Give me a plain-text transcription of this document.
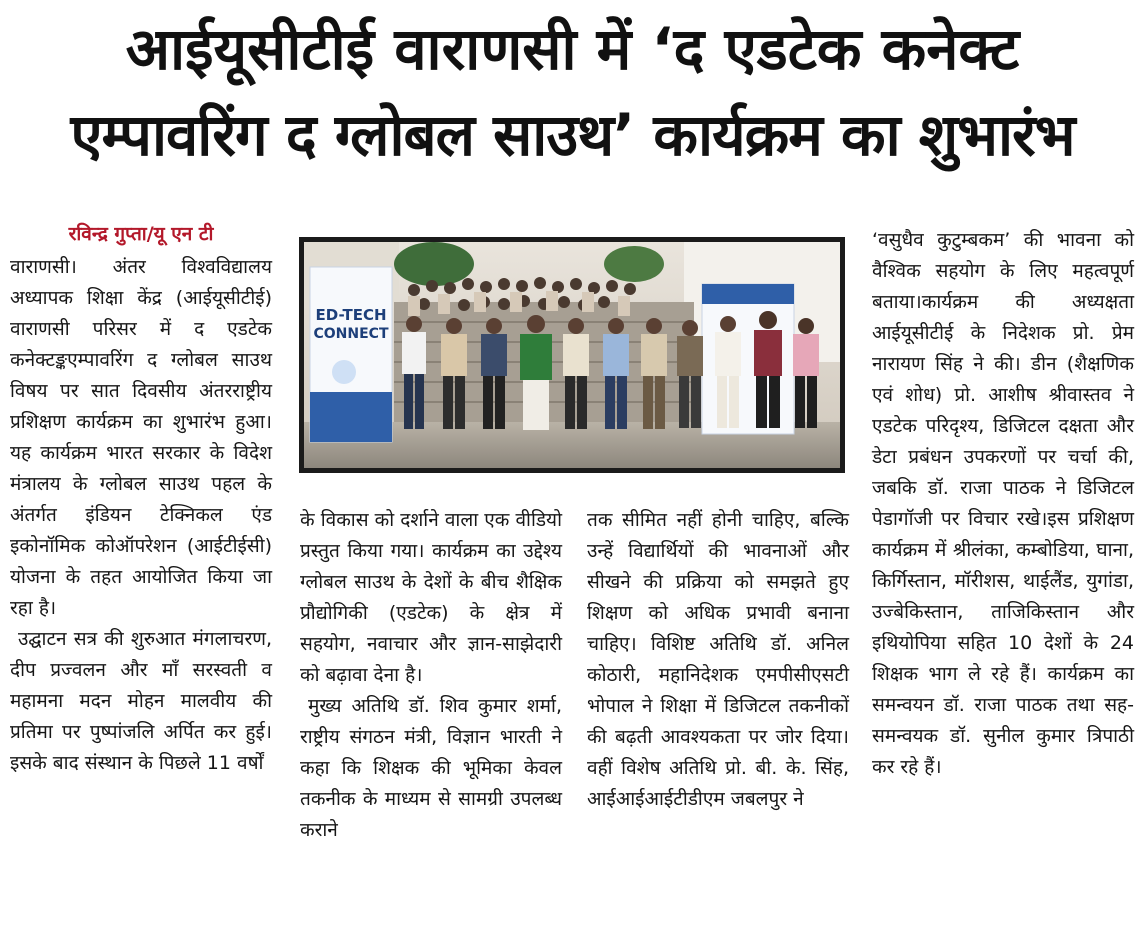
आईयूसीटीई वाराणसी में ‘द एडटेक कनेक्ट
एम्पावरिंग द ग्लोबल साउथ’ कार्यक्रम का शुभारंभ
रविन्द्र गुप्ता/यू एन टी

वाराणसी। अंतर विश्वविद्यालय अध्यापक शिक्षा केंद्र (आईयूसीटीई) वाराणसी परिसर में द एडटेक कनेक्टङ्कएम्पावरिंग द ग्लोबल साउथ विषय पर सात दिवसीय अंतरराष्ट्रीय प्रशिक्षण कार्यक्रम का शुभारंभ हुआ। यह कार्यक्रम भारत सरकार के विदेश मंत्रालय के ग्लोबल साउथ पहल के अंतर्गत इंडियन टेक्निकल एंड इकोनॉमिक कोऑपरेशन (आईटीईसी) योजना के तहत आयोजित किया जा रहा है।

उद्घाटन सत्र की शुरुआत मंगलाचरण, दीप प्रज्वलन और माँ सरस्वती व महामना मदन मोहन मालवीय की प्रतिमा पर पुष्पांजलि अर्पित कर हुई। इसके बाद संस्थान के पिछले 11 वर्षों

ED-TECH
CONNECT

के विकास को दर्शाने वाला एक वीडियो प्रस्तुत किया गया। कार्यक्रम का उद्देश्य ग्लोबल साउथ के देशों के बीच शैक्षिक प्रौद्योगिकी (एडटेक) के क्षेत्र में सहयोग, नवाचार और ज्ञान-साझेदारी को बढ़ावा देना है।

मुख्य अतिथि डॉ. शिव कुमार शर्मा, राष्ट्रीय संगठन मंत्री, विज्ञान भारती ने कहा कि शिक्षक की भूमिका केवल तकनीक के माध्यम से सामग्री उपलब्ध कराने

तक सीमित नहीं होनी चाहिए, बल्कि उन्हें विद्यार्थियों की भावनाओं और सीखने की प्रक्रिया को समझते हुए शिक्षण को अधिक प्रभावी बनाना चाहिए। विशिष्ट अतिथि डॉ. अनिल कोठारी, महानिदेशक एमपीसीएसटी भोपाल ने शिक्षा में डिजिटल तकनीकों की बढ़ती आवश्यकता पर जोर दिया। वहीं विशेष अतिथि प्रो. बी. के. सिंह, आईआईआईटीडीएम जबलपुर ने

‘वसुधैव कुटुम्बकम’ की भावना को वैश्विक सहयोग के लिए महत्वपूर्ण बताया।कार्यक्रम की अध्यक्षता आईयूसीटीई के निदेशक प्रो. प्रेम नारायण सिंह ने की। डीन (शैक्षणिक एवं शोध) प्रो. आशीष श्रीवास्तव ने एडटेक परिदृश्य, डिजिटल दक्षता और डेटा प्रबंधन उपकरणों पर चर्चा की, जबकि डॉ. राजा पाठक ने डिजिटल पेडागॉजी पर विचार रखे।इस प्रशिक्षण कार्यक्रम में श्रीलंका, कम्बोडिया, घाना, किर्गिस्तान, मॉरीशस, थाईलैंड, युगांडा, उज्बेकिस्तान, ताजिकिस्तान और इथियोपिया सहित 10 देशों के 24 शिक्षक भाग ले रहे हैं। कार्यक्रम का समन्वयन डॉ. राजा पाठक तथा सह-समन्वयक डॉ. सुनील कुमार त्रिपाठी कर रहे हैं।
